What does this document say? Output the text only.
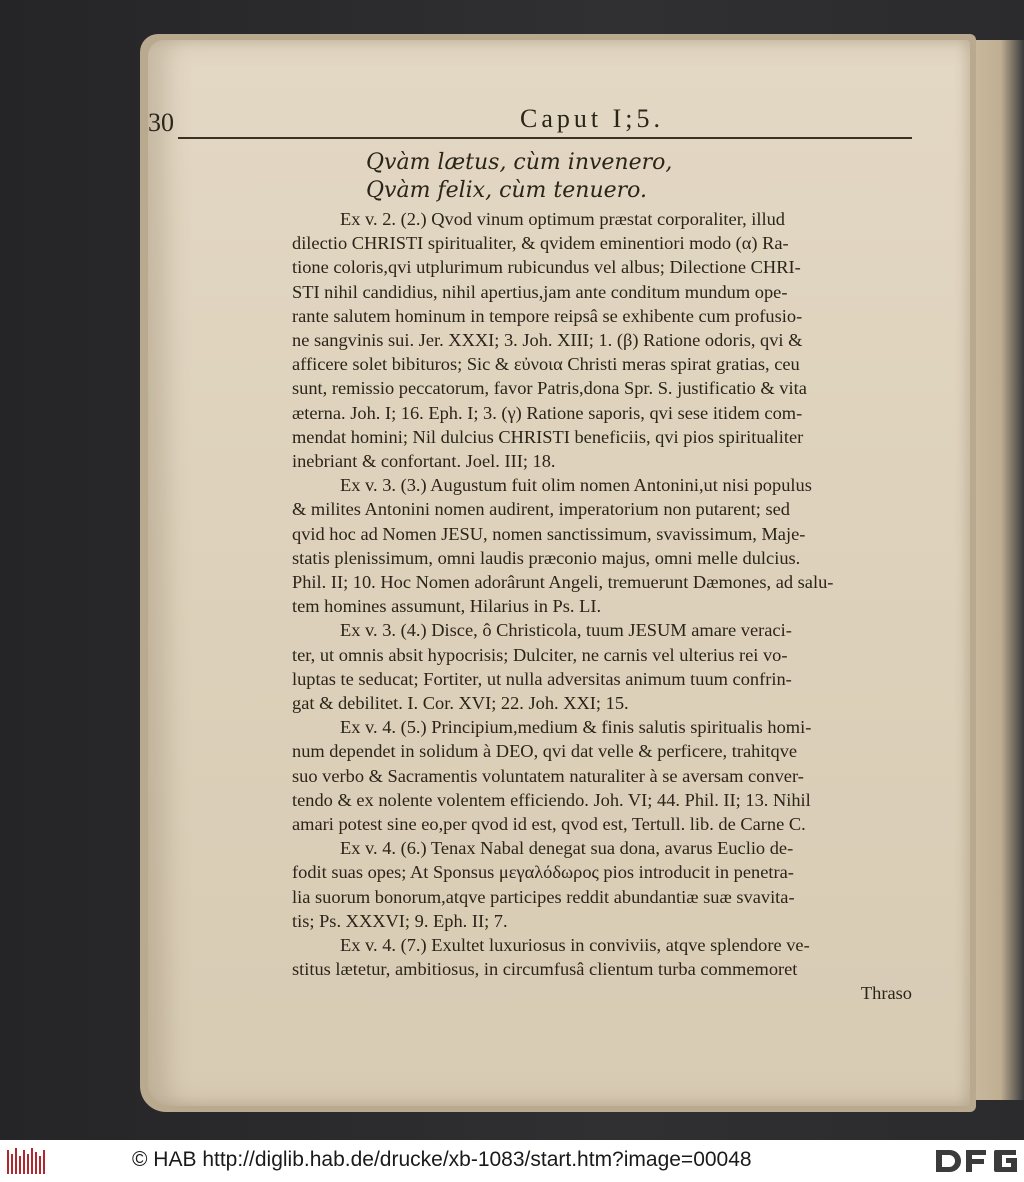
30	Caput I;5.
Qvàm lætus, cùm invenero,
Qvàm felix, cùm tenuero.
Ex v. 2. (2.) Qvod vinum optimum præstat corporaliter, illud
dilectio CHRISTI spiritualiter, & qvidem eminentiori modo (α) Ra-
tione coloris,qvi utplurimum rubicundus vel albus; Dilectione CHRI-
STI nihil candidius, nihil apertius,jam ante conditum mundum ope-
rante salutem hominum in tempore reipsâ se exhibente cum profusio-
ne sangvinis sui. Jer. XXXI; 3. Joh. XIII; 1. (β) Ratione odoris, qvi &
afficere solet bibituros; Sic & εὐνοια Christi meras spirat gratias, ceu
sunt, remissio peccatorum, favor Patris,dona Spr. S. justificatio & vita
æterna. Joh. I; 16. Eph. I; 3. (γ) Ratione saporis, qvi sese itidem com-
mendat homini; Nil dulcius CHRISTI beneficiis, qvi pios spiritualiter
inebriant & confortant. Joel. III; 18.
Ex v. 3. (3.) Augustum fuit olim nomen Antonini,ut nisi populus
& milites Antonini nomen audirent, imperatorium non putarent; sed
qvid hoc ad Nomen JESU, nomen sanctissimum, svavissimum, Maje-
statis plenissimum, omni laudis præconio majus, omni melle dulcius.
Phil. II; 10. Hoc Nomen adorârunt Angeli, tremuerunt Dæmones, ad salu-
tem homines assumunt, Hilarius in Ps. LI.
Ex v. 3. (4.) Disce, ô Christicola, tuum JESUM amare veraci-
ter, ut omnis absit hypocrisis; Dulciter, ne carnis vel ulterius rei vo-
luptas te seducat; Fortiter, ut nulla adversitas animum tuum confrin-
gat & debilitet. I. Cor. XVI; 22. Joh. XXI; 15.
Ex v. 4. (5.) Principium,medium & finis salutis spiritualis homi-
num dependet in solidum à DEO, qvi dat velle & perficere, trahitqve
suo verbo & Sacramentis voluntatem naturaliter à se aversam conver-
tendo & ex nolente volentem efficiendo. Joh. VI; 44. Phil. II; 13. Nihil
amari potest sine eo,per qvod id est, qvod est, Tertull. lib. de Carne C.
Ex v. 4. (6.) Tenax Nabal denegat sua dona, avarus Euclio de-
fodit suas opes; At Sponsus μεγαλόδωρος pios introducit in penetra-
lia suorum bonorum,atqve participes reddit abundantiæ suæ svavita-
tis; Ps. XXXVI; 9. Eph. II; 7.
Ex v. 4. (7.) Exultet luxuriosus in conviviis, atqve splendore ve-
stitus lætetur, ambitiosus, in circumfusâ clientum turba commemoret
Thraso
© HAB http://diglib.hab.de/drucke/xb-1083/start.htm?image=00048
